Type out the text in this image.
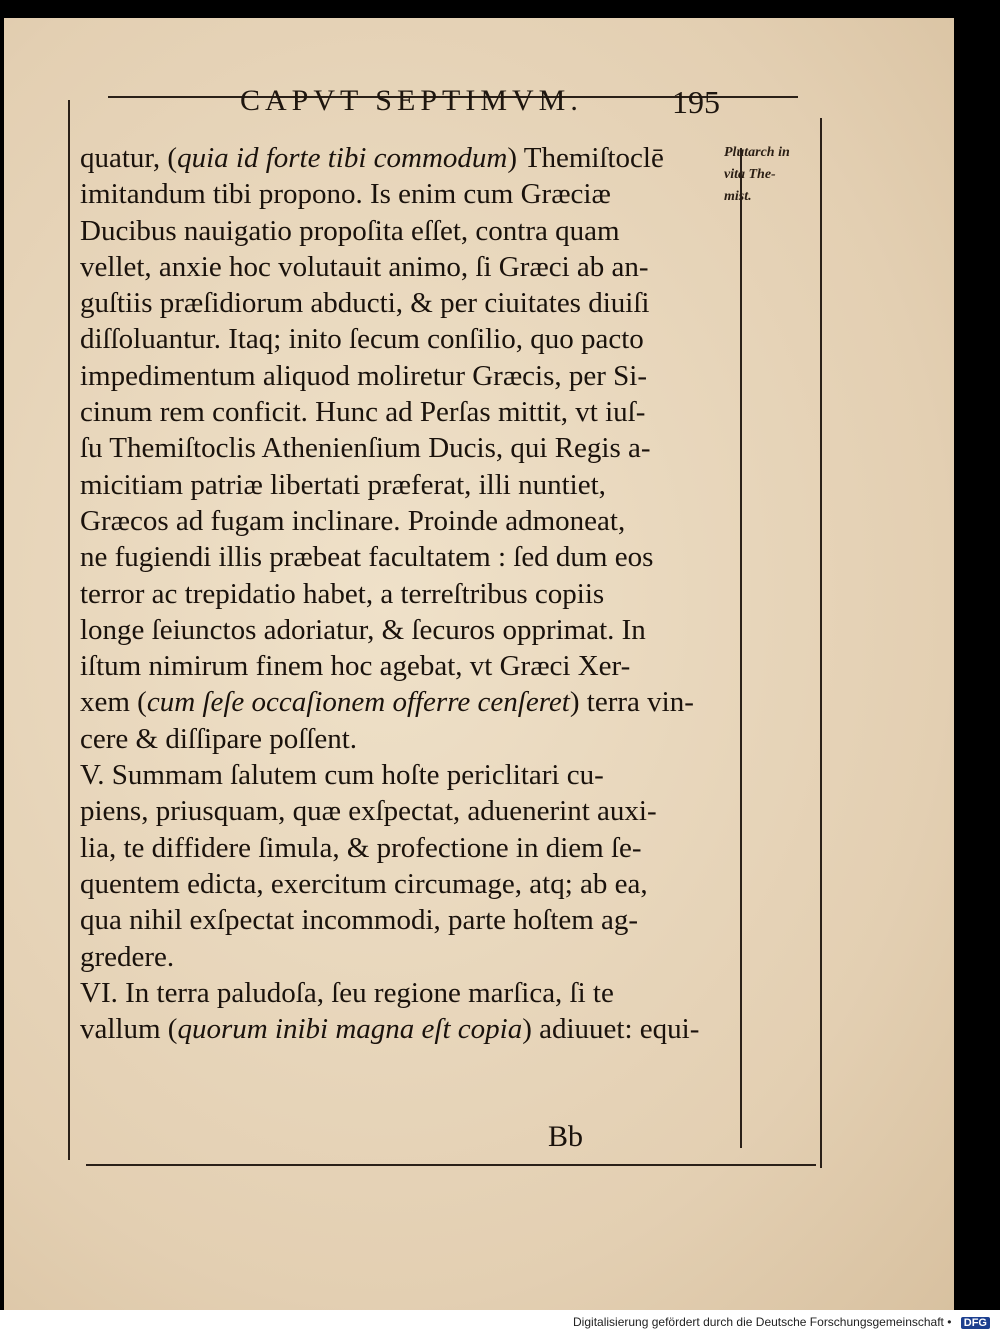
CAPVT SEPTIMVM.	195
Plutarch in
vita The-
mist.
quatur, (quia id forte tibi commodum) Themiſtoclē
imitandum tibi propono. Is enim cum Græciæ
Ducibus nauigatio propoſita eſſet, contra quam
vellet, anxie hoc volutauit animo, ſi Græci ab an-
guſtiis præſidiorum abducti, & per ciuitates diuiſi
diſſoluantur. Itaq; inito ſecum conſilio, quo pacto
impedimentum aliquod moliretur Græcis, per Si-
cinum rem conficit. Hunc ad Perſas mittit, vt iuſ-
ſu Themiſtoclis Athenienſium Ducis, qui Regis a-
micitiam patriæ libertati præferat, illi nuntiet,
Græcos ad fugam inclinare. Proinde admoneat,
ne fugiendi illis præbeat facultatem : ſed dum eos
terror ac trepidatio habet, a terreſtribus copiis
longe ſeiunctos adoriatur, & ſecuros opprimat. In
iſtum nimirum finem hoc agebat, vt Græci Xer-
xem (cum ſeſe occaſionem offerre cenſeret) terra vin-
cere & diſſipare poſſent.
V. Summam ſalutem cum hoſte periclitari cu-
piens, priusquam, quæ exſpectat, aduenerint auxi-
lia, te diffidere ſimula, & profectione in diem ſe-
quentem edicta, exercitum circumage, atq; ab ea,
qua nihil exſpectat incommodi, parte hoſtem ag-
gredere.
VI. In terra paludoſa, ſeu regione marſica, ſi te
vallum (quorum inibi magna eſt copia) adiuuet: equi-
Bb
Digitalisierung gefördert durch die Deutsche Forschungsgemeinschaft • DFG
